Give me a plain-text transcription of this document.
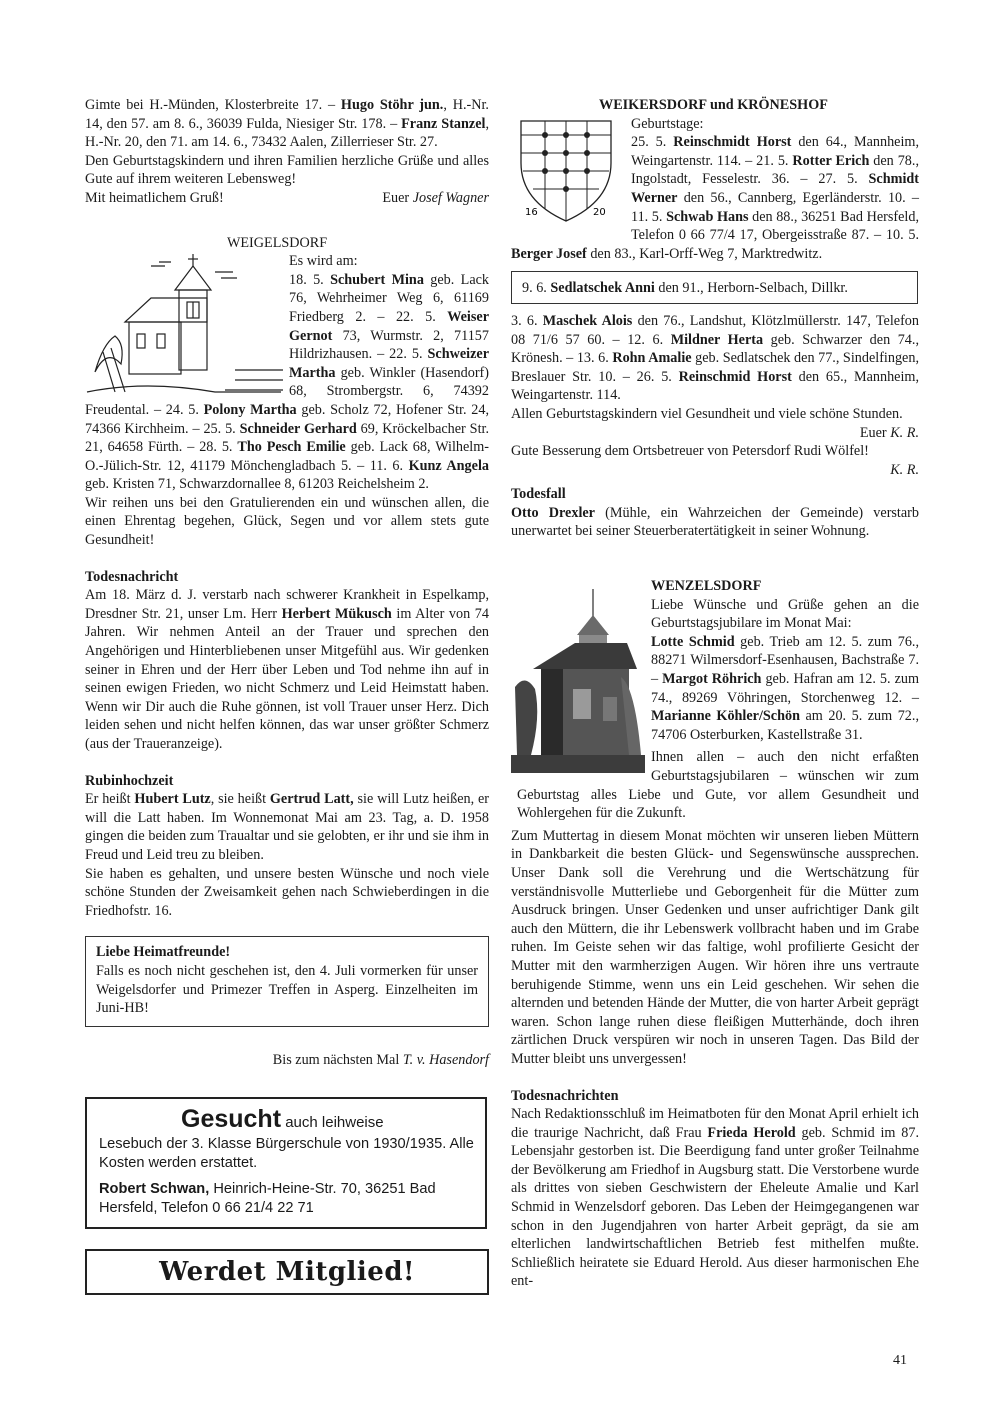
Gimte bei H.-Münden, Klosterbreite 17. – Hugo Stöhr jun., H.-Nr. 14, den 57. am 8. 6., 36039 Fulda, Niesiger Str. 178. – Franz Stanzel, H.-Nr. 20, den 71. am 14. 6., 73432 Aalen, Zillerrieser Str. 27.

Den Geburtstagskindern und ihren Familien herzliche Grüße und alles Gute auf ihrem weiteren Lebensweg!

Mit heimatlichem Gruß!	Euer Josef Wagner
WEIGELSDORF

Es wird am:
18. 5. Schubert Mina geb. Lack 76, Wehrheimer Weg 6, 61169 Friedberg 2. – 22. 5. Weiser Gernot 73, Wurmstr. 2, 71157 Hildrizhausen. – 22. 5. Schweizer Martha geb. Winkler (Hasendorf) 68, Strombergstr. 6, 74392 Freudental. – 24. 5. Polony Martha geb. Scholz 72, Hofener Str. 24, 74366 Kirchheim. – 25. 5. Schneider Gerhard 69, Kröckelbacher Str. 21, 64658 Fürth. – 28. 5. Tho Pesch Emilie geb. Lack 68, Wilhelm-O.-Jülich-Str. 12, 41179 Mönchengladbach 5. – 11. 6. Kunz Angela geb. Kristen 71, Schwarzdornallee 8, 61203 Reichelsheim 2.

Wir reihen uns bei den Gratulierenden ein und wünschen allen, die einen Ehrentag begehen, Glück, Segen und vor allem stets gute Gesundheit!

Todesnachricht

Am 18. März d. J. verstarb nach schwerer Krankheit in Espelkamp, Dresdner Str. 21, unser Lm. Herr Herbert Mükusch im Alter von 74 Jahren. Wir nehmen Anteil an der Trauer und sprechen den Angehörigen und Hinterbliebenen unser Mitgefühl aus. Wir gedenken seiner in Ehren und der Herr über Leben und Tod nehme ihn auf in seinen ewigen Frieden, wo nicht Schmerz und Leid Heimstatt haben. Wenn wir Dir auch die Ruhe gönnen, ist voll Trauer unser Herz. Dich leiden sehen und nicht helfen können, das war unser größter Schmerz (aus der Traueranzeige).

Rubinhochzeit

Er heißt Hubert Lutz, sie heißt Gertrud Latt, sie will Lutz heißen, er will die Latt haben. Im Wonnemonat Mai am 23. Tag, a. D. 1958 gingen die beiden zum Traualtar und sie gelobten, er ihr und sie ihm in Freud und Leid treu zu bleiben.

Sie haben es gehalten, und unsere besten Wünsche und noch viele schöne Stunden der Zweisamkeit gehen nach Schwieberdingen in die Friedhofstr. 16.

Liebe Heimatfreunde!

Falls es noch nicht geschehen ist, den 4. Juli vormerken für unser Weigelsdorfer und Primezer Treffen in Asperg. Einzelheiten im Juni-HB!

Bis zum nächsten Mal T. v. Hasendorf

Gesucht auch leihweise

Lesebuch der 3. Klasse Bürgerschule von 1930/1935. Alle Kosten werden erstattet.

Robert Schwan, Heinrich-Heine-Str. 70, 36251 Bad Hersfeld, Telefon 0 66 21/4 22 71

Werdet Mitglied!
WEIKERSDORF und KRÖNESHOF
16	20

Geburtstage:
25. 5. Reinschmidt Horst den 64., Mannheim, Weingartenstr. 114. – 21. 5. Rotter Erich den 78., Ingolstadt, Fesselestr. 36. – 27. 5. Schmidt Werner den 56., Cannberg, Egerländerstr. 10. – 11. 5. Schwab Hans den 88., 36251 Bad Hersfeld, Telefon 0 66 77/4 17, Obergeisstraße 87. – 10. 5. Berger Josef den 83., Karl-Orff-Weg 7, Marktredwitz.

9. 6. Sedlatschek Anni den 91., Herborn-Selbach, Dillkr.

3. 6. Maschek Alois den 76., Landshut, Klötzlmüllerstr. 147, Telefon 08 71/6 57 60. – 12. 6. Mildner Herta geb. Schwarzer den 74., Krönesh. – 13. 6. Rohn Amalie geb. Sedlatschek den 77., Sindelfingen, Breslauer Str. 10. – 26. 5. Reinschmid Horst den 65., Mannheim, Weingartenstr. 114.

Allen Geburtstagskindern viel Gesundheit und viele schöne Stunden.

Euer K. R.

Gute Besserung dem Ortsbetreuer von Petersdorf Rudi Wölfel!

K. R.

Todesfall

Otto Drexler (Mühle, ein Wahrzeichen der Gemeinde) verstarb unerwartet bei seiner Steuerberatertätigkeit in seiner Wohnung.

WENZELSDORF

Liebe Wünsche und Grüße gehen an die Geburtstagsjubilare im Monat Mai:

Lotte Schmid geb. Trieb am 12. 5. zum 76., 88271 Wilmersdorf-Esenhausen, Bachstraße 7. – Margot Röhrich geb. Hafran am 12. 5. zum 74., 89269 Vöhringen, Storchenweg 12. – Marianne Köhler/Schön am 20. 5. zum 72., 74706 Osterburken, Kastellstraße 31.

Ihnen allen – auch den nicht erfaßten Geburtstagsjubilaren – wünschen wir zum Geburtstag alles Liebe und Gute, vor allem Gesundheit und Wohlergehen für die Zukunft.

Zum Muttertag in diesem Monat möchten wir unseren lieben Müttern in Dankbarkeit die besten Glück- und Segenswünsche aussprechen. Unser Dank soll die Verehrung und die Wertschätzung für verständnisvolle Mutterliebe und Geborgenheit für die Mütter zum Ausdruck bringen. Unser Gedenken und unser aufrichtiger Dank gilt auch den Müttern, die ihr Lebenswerk vollbracht haben und im Grabe ruhen. Im Geiste sehen wir das faltige, wohl profilierte Gesicht der Mutter mit den warmherzigen Augen. Wir hören ihre uns vertraute beruhigende Stimme, wenn uns ein Leid geschehen. Wir sehen die alternden und betenden Hände der Mutter, die von harter Arbeit geprägt waren. Schon lange ruhen diese fleißigen Mutterhände, doch ihren zärtlichen Druck verspüren wir noch in unseren Tagen. Das Bild der Mutter bleibt uns unvergessen!

Todesnachrichten

Nach Redaktionsschluß im Heimatboten für den Monat April erhielt ich die traurige Nachricht, daß Frau Frieda Herold geb. Schmid im 87. Lebensjahr gestorben ist. Die Beerdigung fand unter großer Teilnahme der Bevölkerung am Friedhof in Augsburg statt. Die Verstorbene wurde als drittes von sieben Geschwistern der Eheleute Amalie und Karl Schmid in Wenzelsdorf geboren. Das Leben der Heimgegangenen war schon in den Jugendjahren von harter Arbeit geprägt, da sie am elterlichen landwirtschaftlichen Betrieb fest mithelfen mußte. Schließlich heiratete sie Eduard Herold. Aus dieser harmonischen Ehe ent-

41
